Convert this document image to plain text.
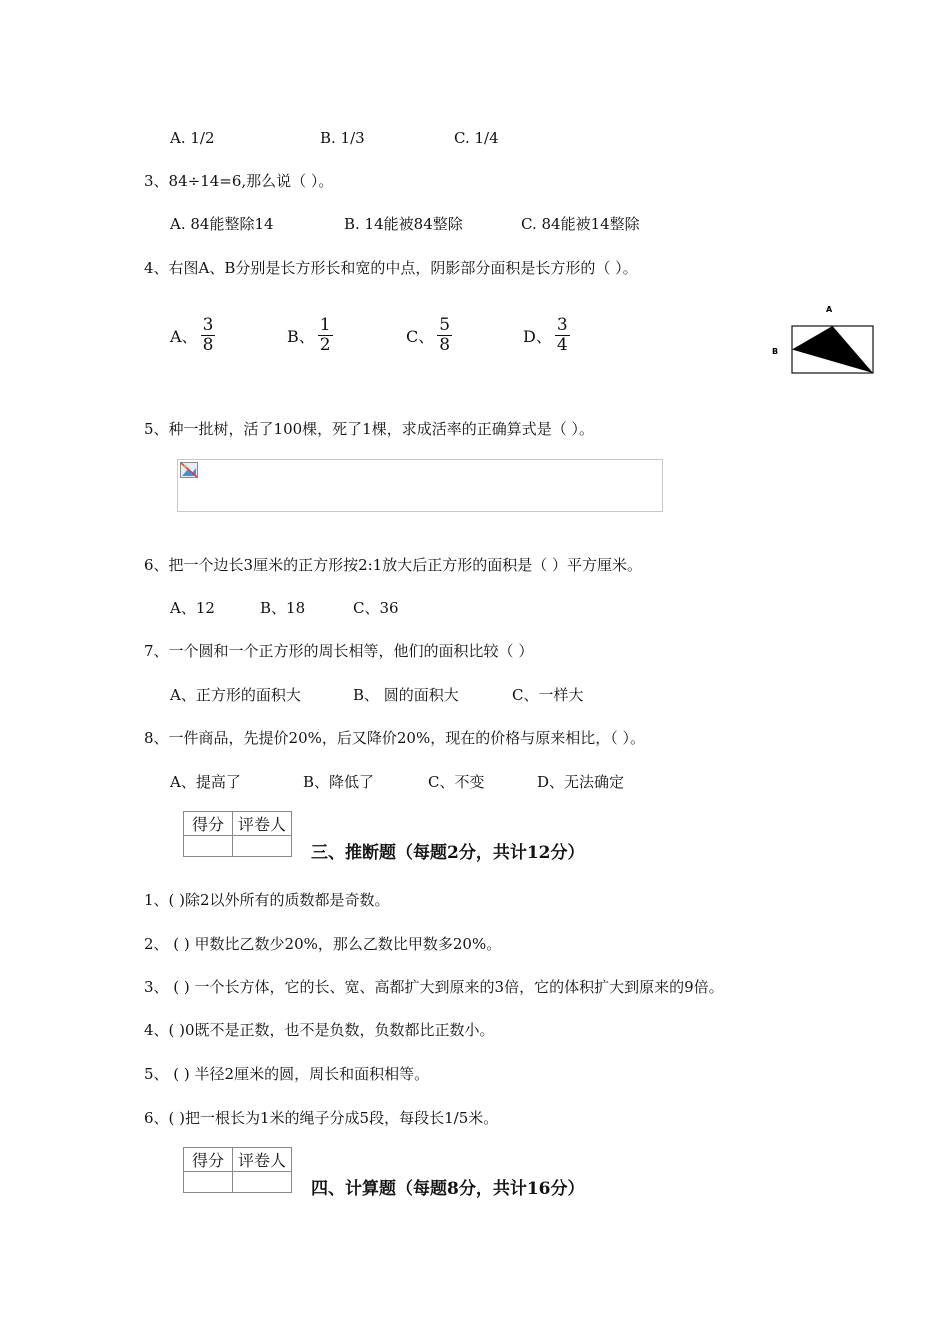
A. 1/2	B. 1/3	C. 1/4
3、84÷14=6,那么说（ ）。
A. 84能整除14	B. 14能被84整除	C. 84能被14整除
4、右图A、B分别是长方形长和宽的中点，阴影部分面积是长方形的（ ）。
A、 $\frac{3}{8}$	B、 $\frac{1}{2}$	C、 $\frac{5}{8}$	D、 $\frac{3}{4}$
A
B
5、种一批树，活了100棵，死了1棵，求成活率的正确算式是（ ）。
6、把一个边长3厘米的正方形按2:1放大后正方形的面积是（ ）平方厘米。
A、12	B、18	C、36
7、一个圆和一个正方形的周长相等，他们的面积比较（ ）
A、正方形的面积大	B、 圆的面积大	C、一样大
8、一件商品，先提价20%，后又降价20%，现在的价格与原来相比，（ ）。
A、提高了	B、降低了	C、不变	D、无法确定
得分	评卷人

三、推断题（每题2分，共计12分）
1、( )除2以外所有的质数都是奇数。
2、 ( ) 甲数比乙数少20%，那么乙数比甲数多20%。
3、 ( ) 一个长方体，它的长、宽、高都扩大到原来的3倍，它的体积扩大到原来的9倍。
4、( )0既不是正数，也不是负数，负数都比正数小。
5、 ( ) 半径2厘米的圆，周长和面积相等。
6、( )把一根长为1米的绳子分成5段，每段长1/5米。
得分	评卷人

四、计算题（每题8分，共计16分）
